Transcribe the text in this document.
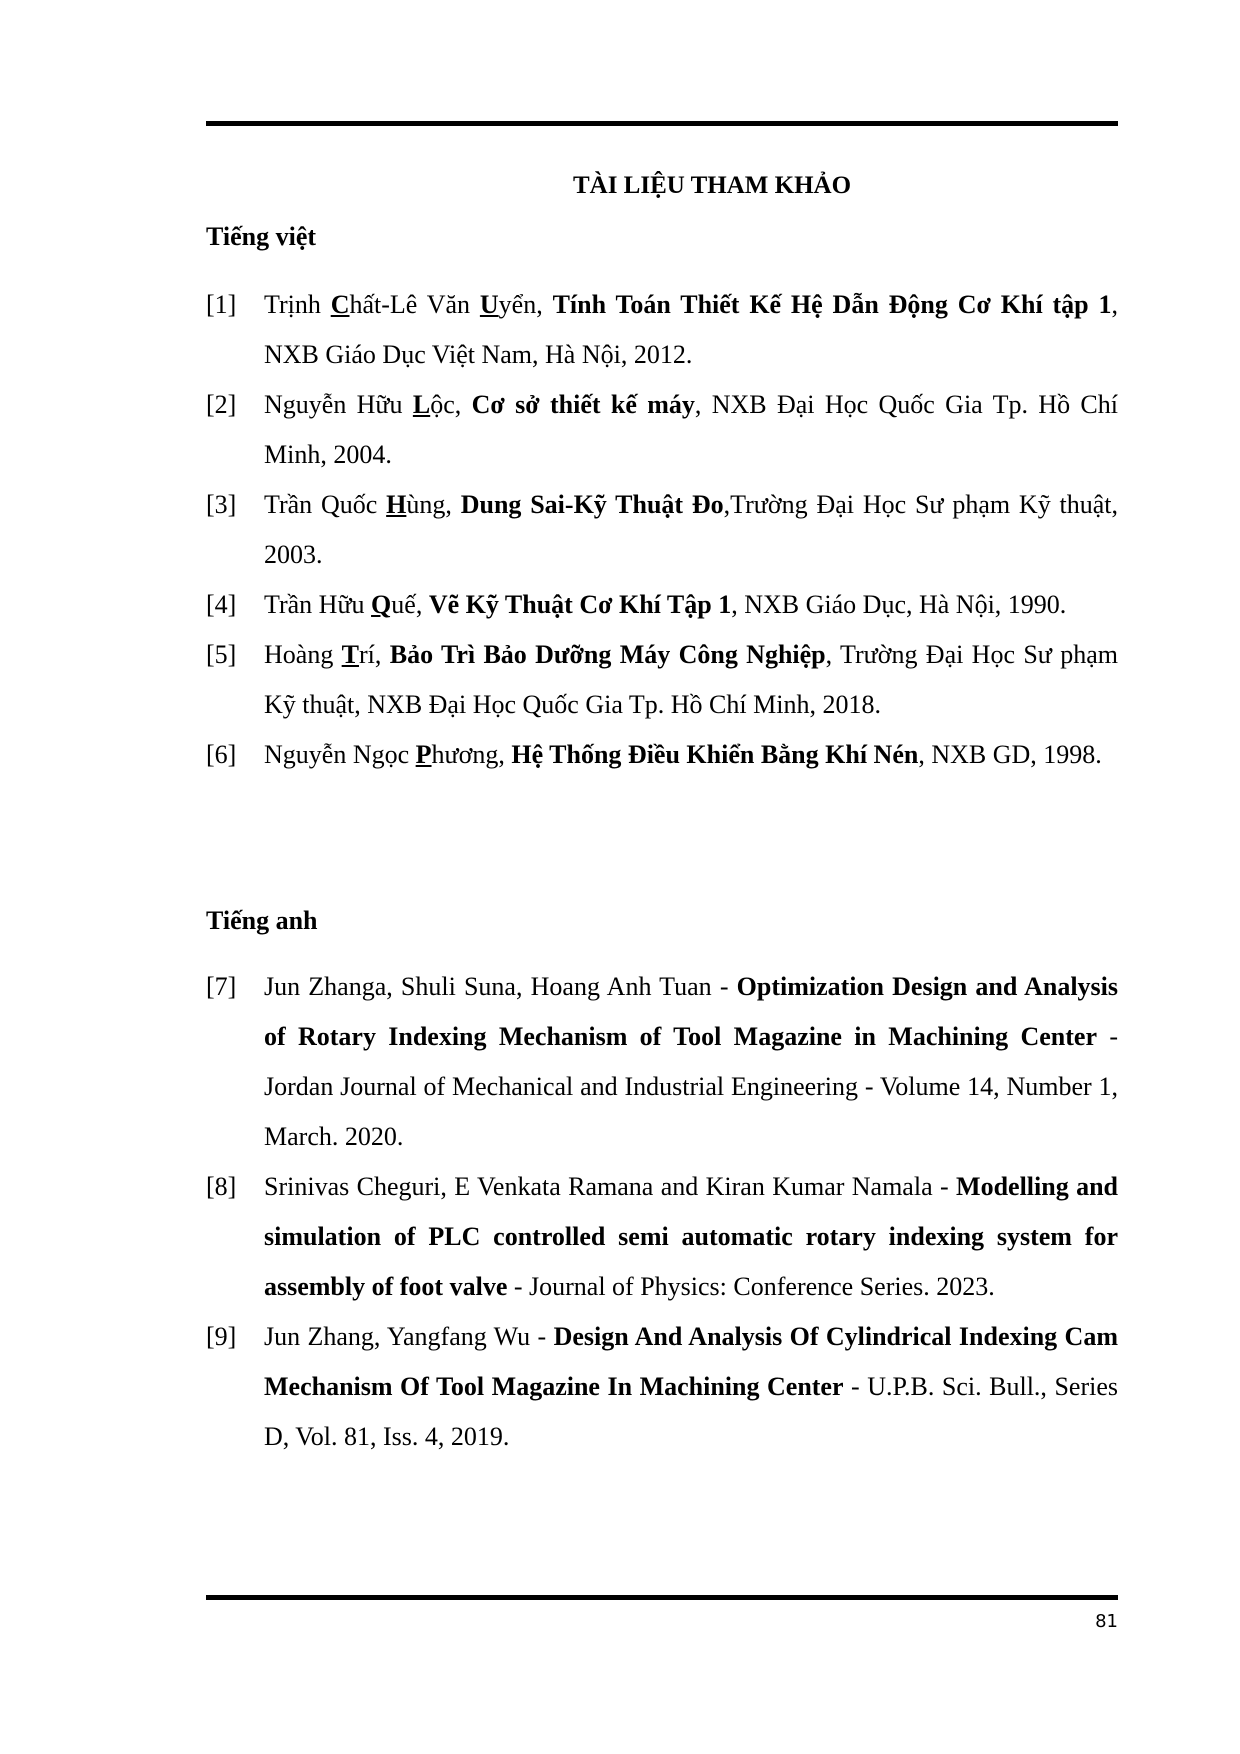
TÀI LIỆU THAM KHẢO
Tiếng việt
[1]	Trịnh Chất-Lê Văn Uyển, Tính Toán Thiết Kế Hệ Dẫn Động Cơ Khí tập 1, NXB Giáo Dục Việt Nam, Hà Nội, 2012.
[2]	Nguyễn Hữu Lộc, Cơ sở thiết kế máy, NXB Đại Học Quốc Gia Tp. Hồ Chí Minh, 2004.
[3]	Trần Quốc Hùng, Dung Sai-Kỹ Thuật Đo,Trường Đại Học Sư phạm Kỹ thuật, 2003.
[4]	Trần Hữu Quế, Vẽ Kỹ Thuật Cơ Khí Tập 1, NXB Giáo Dục, Hà Nội, 1990.
[5]	Hoàng Trí, Bảo Trì Bảo Dưỡng Máy Công Nghiệp, Trường Đại Học Sư phạm Kỹ thuật, NXB Đại Học Quốc Gia Tp. Hồ Chí Minh, 2018.
[6]	Nguyễn Ngọc Phương, Hệ Thống Điều Khiển Bằng Khí Nén, NXB GD, 1998.
Tiếng anh
[7]	Jun Zhanga, Shuli Suna, Hoang Anh Tuan - Optimization Design and Analysis of Rotary Indexing Mechanism of Tool Magazine in Machining Center - Jordan Journal of Mechanical and Industrial Engineering - Volume 14, Number 1, March. 2020.
[8]	Srinivas Cheguri, E Venkata Ramana and Kiran Kumar Namala - Modelling and simulation of PLC controlled semi automatic rotary indexing system for assembly of foot valve - Journal of Physics: Conference Series. 2023.
[9]	Jun Zhang, Yangfang Wu - Design And Analysis Of Cylindrical Indexing Cam Mechanism Of Tool Magazine In Machining Center - U.P.B. Sci. Bull., Series D, Vol. 81, Iss. 4, 2019.
81
